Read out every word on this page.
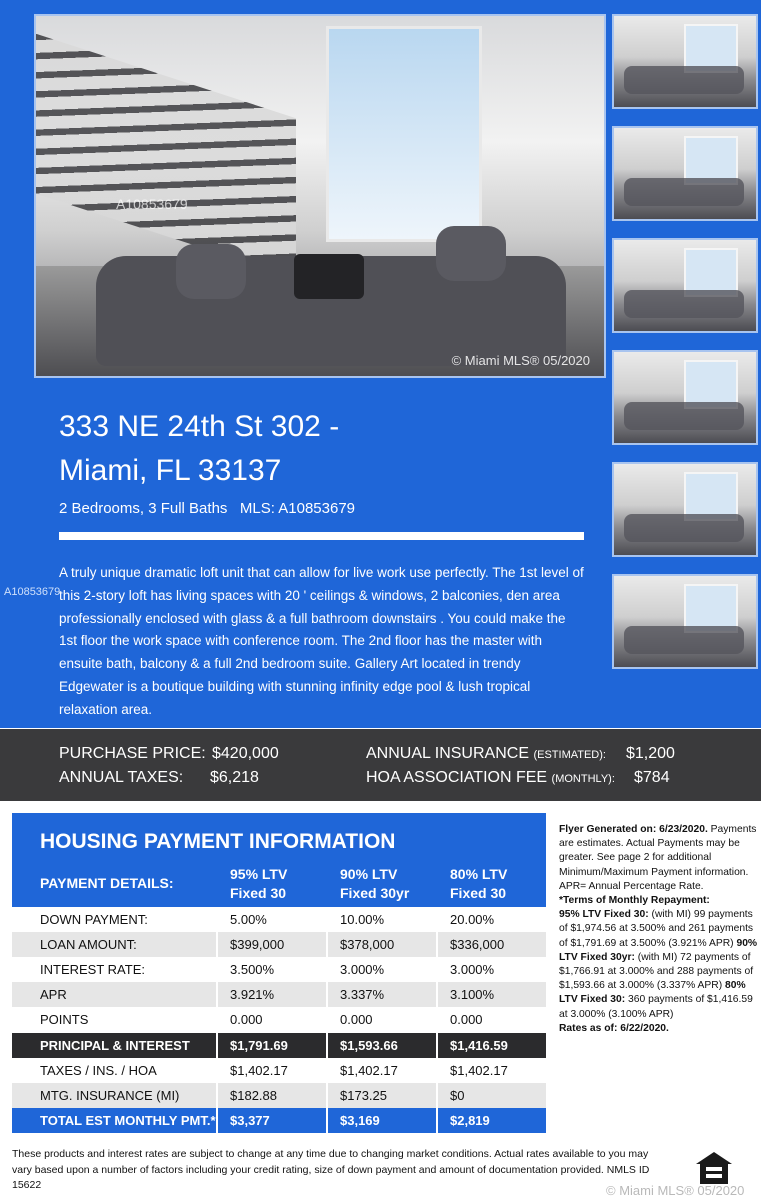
A10853679
© Miami MLS® 05/2020
333 NE 24th St 302 -
Miami, FL 33137
2 Bedrooms, 3 Full Baths   MLS: A10853679
A10853679

A truly unique dramatic loft unit that can allow for live work use perfectly. The 1st level of this 2-story loft has living spaces with 20 ' ceilings & windows, 2 balconies, den area professionally enclosed with glass & a full bathroom downstairs . You could make the 1st floor the work space with conference room. The 2nd floor has the master with ensuite bath, balcony & a full 2nd bedroom suite. Gallery Art located in trendy Edgewater is a boutique building with stunning infinity edge pool & lush tropical relaxation area.

PURCHASE PRICE: $420,000
ANNUAL TAXES: $6,218
ANNUAL INSURANCE (ESTIMATED): $1,200
HOA ASSOCIATION FEE (MONTHLY): $784
HOUSING PAYMENT INFORMATION
PAYMENT DETAILS:
95% LTV
Fixed 30
90% LTV
Fixed 30yr
80% LTV
Fixed 30
DOWN PAYMENT:	5.00%	10.00%	20.00%
LOAN AMOUNT:	$399,000	$378,000	$336,000
INTEREST RATE:	3.500%	3.000%	3.000%
APR	3.921%	3.337%	3.100%
POINTS	0.000	0.000	0.000
PRINCIPAL & INTEREST	$1,791.69	$1,593.66	$1,416.59
TAXES / INS. / HOA	$1,402.17	$1,402.17	$1,402.17
MTG. INSURANCE (MI)	$182.88	$173.25	$0
TOTAL EST MONTHLY PMT.* $3,377	$3,169	$2,819

Flyer Generated on: 6/23/2020. Payments are estimates. Actual Payments may be greater. See page 2 for additional Minimum/Maximum Payment information. APR= Annual Percentage Rate.
*Terms of Monthly Repayment:
95% LTV Fixed 30: (with MI) 99 payments of $1,974.56 at 3.500% and 261 payments of $1,791.69 at 3.500% (3.921% APR) 90% LTV Fixed 30yr: (with MI) 72 payments of $1,766.91 at 3.000% and 288 payments of $1,593.66 at 3.000% (3.337% APR) 80% LTV Fixed 30: 360 payments of $1,416.59 at 3.000% (3.100% APR)
Rates as of: 6/22/2020.

These products and interest rates are subject to change at any time due to changing market conditions. Actual rates available to you may vary based upon a number of factors including your credit rating, size of down payment and amount of documentation provided. NMLS ID 15622	© Miami MLS® 05/2020
